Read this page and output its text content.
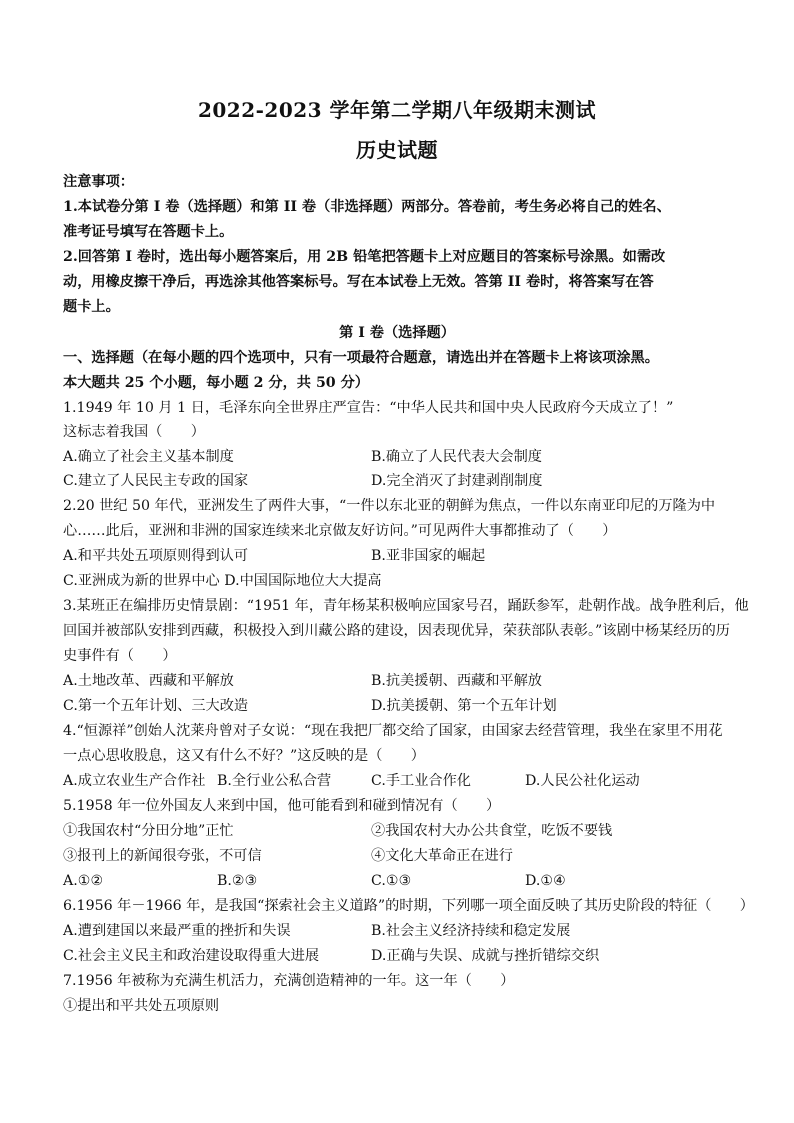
2022-2023 学年第二学期八年级期末测试
历史试题
注意事项：
1.本试卷分第 I 卷（选择题）和第 II 卷（非选择题）两部分。答卷前，考生务必将自己的姓名、
准考证号填写在答题卡上。
2.回答第 I 卷时，选出每小题答案后，用 2B 铅笔把答题卡上对应题目的答案标号涂黑。如需改
动，用橡皮擦干净后，再选涂其他答案标号。写在本试卷上无效。答第 II 卷时，将答案写在答
题卡上。
第 I 卷（选择题）
一、选择题（在每小题的四个选项中，只有一项最符合题意，请选出并在答题卡上将该项涂黑。
本大题共 25 个小题，每小题 2 分，共 50 分）
1.1949 年 10 月 1 日，毛泽东向全世界庄严宣告：“中华人民共和国中央人民政府今天成立了！”
这标志着我国（　　）
A.确立了社会主义基本制度	B.确立了人民代表大会制度
C.建立了人民民主专政的国家	D.完全消灭了封建剥削制度
2.20 世纪 50 年代，亚洲发生了两件大事，“一件以东北亚的朝鲜为焦点，一件以东南亚印尼的万隆为中
心……此后，亚洲和非洲的国家连续来北京做友好访问。”可见两件大事都推动了（　　）
A.和平共处五项原则得到认可	B.亚非国家的崛起
C.亚洲成为新的世界中心 D.中国国际地位大大提高
3.某班正在编排历史情景剧：“1951 年，青年杨某积极响应国家号召，踊跃参军，赴朝作战。战争胜利后，他
回国并被部队安排到西藏，积极投入到川藏公路的建设，因表现优异，荣获部队表彰。”该剧中杨某经历的历
史事件有（　　）
A.土地改革、西藏和平解放	B.抗美援朝、西藏和平解放
C.第一个五年计划、三大改造	D.抗美援朝、第一个五年计划
4.“恒源祥”创始人沈莱舟曾对子女说：“现在我把厂都交给了国家，由国家去经营管理，我坐在家里不用花
一点心思收股息，这又有什么不好？”这反映的是（　　）
A.成立农业生产合作社 B.全行业公私合营	C.手工业合作化	D.人民公社化运动
5.1958 年一位外国友人来到中国，他可能看到和碰到情况有（　　）
①我国农村“分田分地”正忙	②我国农村大办公共食堂，吃饭不要钱
③报刊上的新闻很夸张，不可信	④文化大革命正在进行
A.①②	B.②③	C.①③	D.①④
6.1956 年－1966 年，是我国“探索社会主义道路”的时期，下列哪一项全面反映了其历史阶段的特征（　　）
A.遭到建国以来最严重的挫折和失误	B.社会主义经济持续和稳定发展
C.社会主义民主和政治建设取得重大进展	D.正确与失误、成就与挫折错综交织
7.1956 年被称为充满生机活力，充满创造精神的一年。这一年（　　）
①提出和平共处五项原则
